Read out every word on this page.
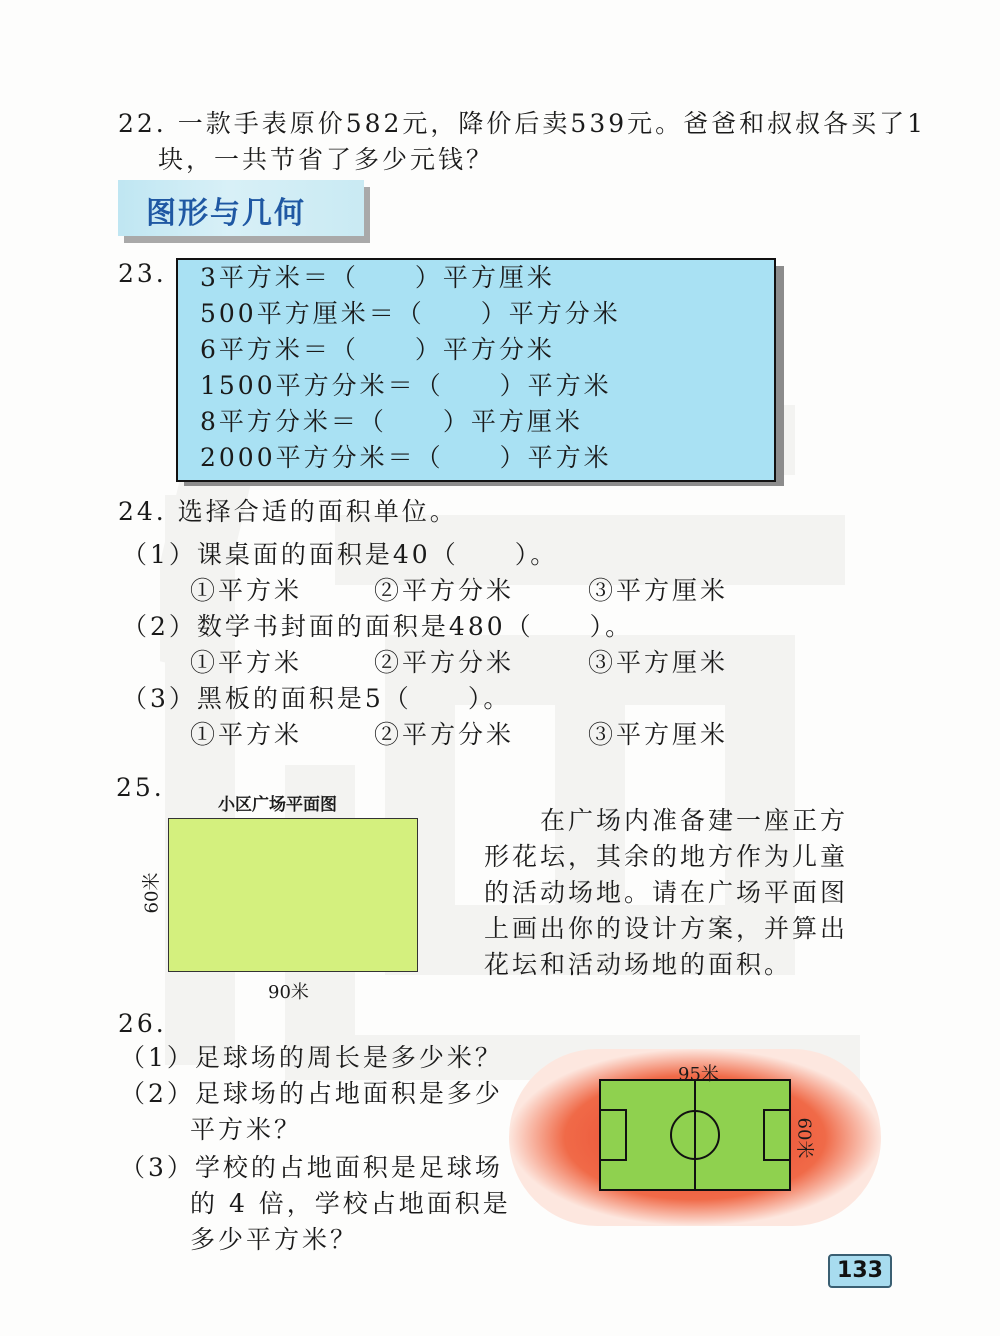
22. 一款手表原价582元，降价后卖539元。爸爸和叔叔各买了1
块，一共节省了多少元钱？
图形与几何
23. 3平方米＝（　　）平方厘米
500平方厘米＝（　　）平方分米
6平方米＝（　　）平方分米
1500平方分米＝（　　）平方米
8平方分米＝（　　）平方厘米
2000平方分米＝（　　）平方米
24. 选择合适的面积单位。
（1）课桌面的面积是40（　　）。
①平方米	②平方分米	③平方厘米
（2）数学书封面的面积是480（　　）。
①平方米	②平方分米	③平方厘米
（3）黑板的面积是5（　　）。
①平方米	②平方分米	③平方厘米
25.
小区广场平面图
60米
90米
在广场内准备建一座正方
形花坛，其余的地方作为儿童
的活动场地。请在广场平面图
上画出你的设计方案，并算出
花坛和活动场地的面积。
26.
（1）足球场的周长是多少米？
（2）足球场的占地面积是多少
平方米？
（3）学校的占地面积是足球场
的 4 倍，学校占地面积是
多少平方米？
95米
60米
133
